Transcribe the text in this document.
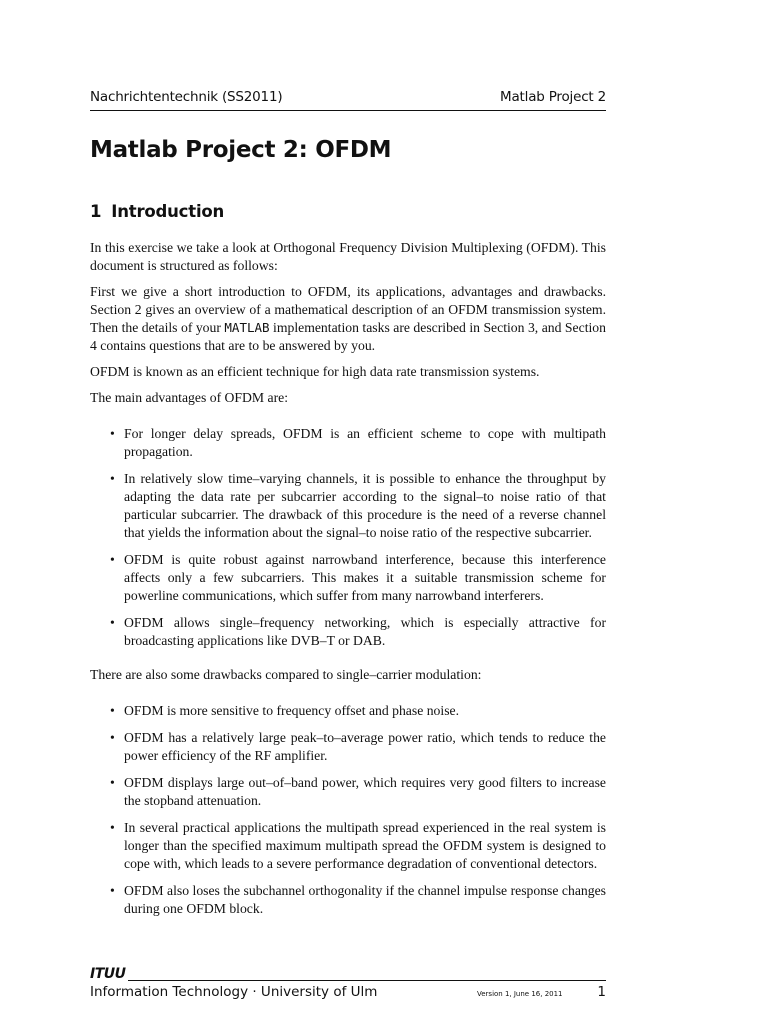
Nachrichtentechnik (SS2011)	Matlab Project 2
Matlab Project 2: OFDM
1 Introduction

In this exercise we take a look at Orthogonal Frequency Division Multiplexing (OFDM). This document is structured as follows:

First we give a short introduction to OFDM, its applications, advantages and drawbacks. Section 2 gives an overview of a mathematical description of an OFDM transmission system. Then the details of your MATLAB implementation tasks are described in Section 3, and Section 4 contains questions that are to be answered by you.

OFDM is known as an efficient technique for high data rate transmission systems.

The main advantages of OFDM are:

• For longer delay spreads, OFDM is an efficient scheme to cope with multipath propagation.
• In relatively slow time–varying channels, it is possible to enhance the throughput by adapting the data rate per subcarrier according to the signal–to noise ratio of that particular subcarrier. The drawback of this procedure is the need of a reverse channel that yields the information about the signal–to noise ratio of the respective subcarrier.
• OFDM is quite robust against narrowband interference, because this interference affects only a few subcarriers. This makes it a suitable transmission scheme for powerline communications, which suffer from many narrowband interferers.
• OFDM allows single–frequency networking, which is especially attractive for broadcasting applications like DVB–T or DAB.

There are also some drawbacks compared to single–carrier modulation:

• OFDM is more sensitive to frequency offset and phase noise.
• OFDM has a relatively large peak–to–average power ratio, which tends to reduce the power efficiency of the RF amplifier.
• OFDM displays large out–of–band power, which requires very good filters to increase the stopband attenuation.
• In several practical applications the multipath spread experienced in the real system is longer than the specified maximum multipath spread the OFDM system is designed to cope with, which leads to a severe performance degradation of conventional detectors.
• OFDM also loses the subchannel orthogonality if the channel impulse response changes during one OFDM block.
ITUU
Information Technology · University of Ulm	Version 1, June 16, 2011	1
